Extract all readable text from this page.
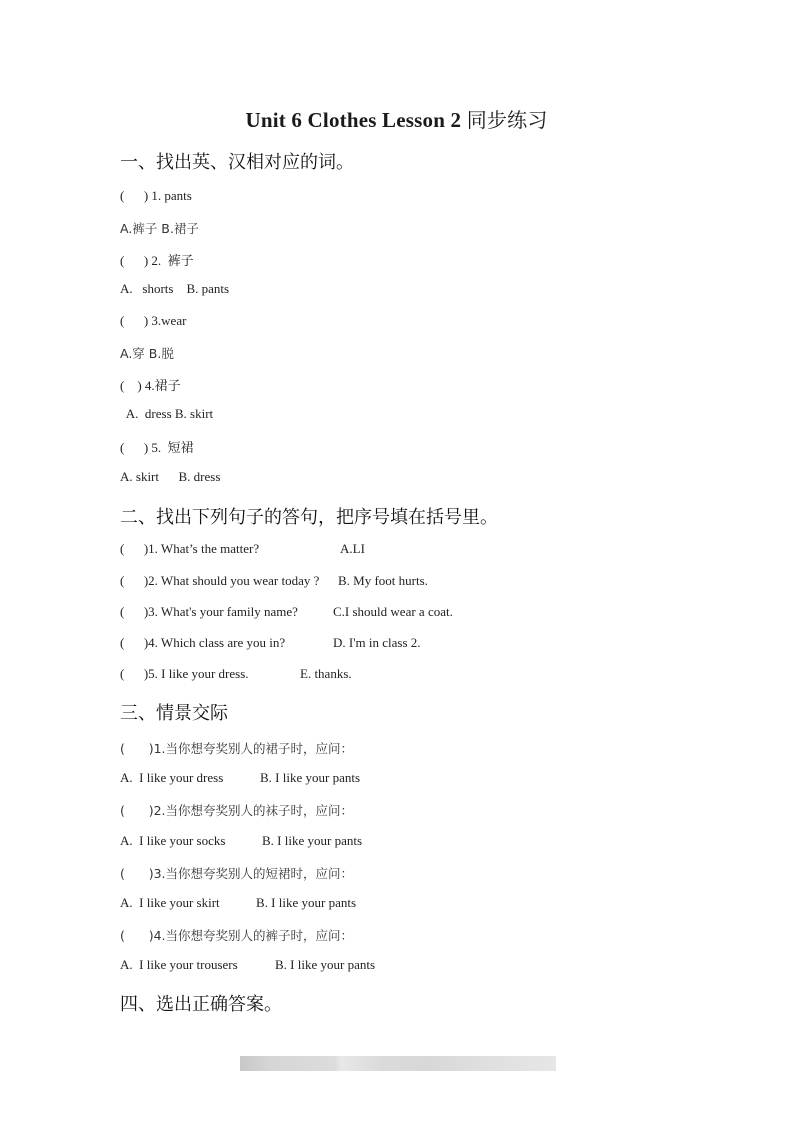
Unit 6 Clothes Lesson 2 同步练习
一、找出英、汉相对应的词。
(      ) 1. pants
A.裤子 B.裙子
(      ) 2.  裤子
A.   shorts    B. pants
(      ) 3.wear
A.穿 B.脱
(    ) 4.裙子
A.  dress B. skirt
(      ) 5.  短裙
A. skirt      B. dress
二、找出下列句子的答句，把序号填在括号里。
(      )1. What’s the matter?	A.LI
(      )2. What should you wear today ? B. My foot hurts.
(      )3. What's your family name?	C.I should wear a coat.
(      )4. Which class are you in?	D. I'm in class 2.
(      )5. I like your dress.	E. thanks.
三、情景交际
(      )1.当你想夸奖别人的裙子时，应问：
A.  I like your dress	B. I like your pants
(      )2.当你想夸奖别人的袜子时，应问：
A.  I like your socks	B. I like your pants
(      )3.当你想夸奖别人的短裙时，应问：
A.  I like your skirt	B. I like your pants
(      )4.当你想夸奖别人的裤子时，应问：
A.  I like your trousers	B. I like your pants
四、选出正确答案。
